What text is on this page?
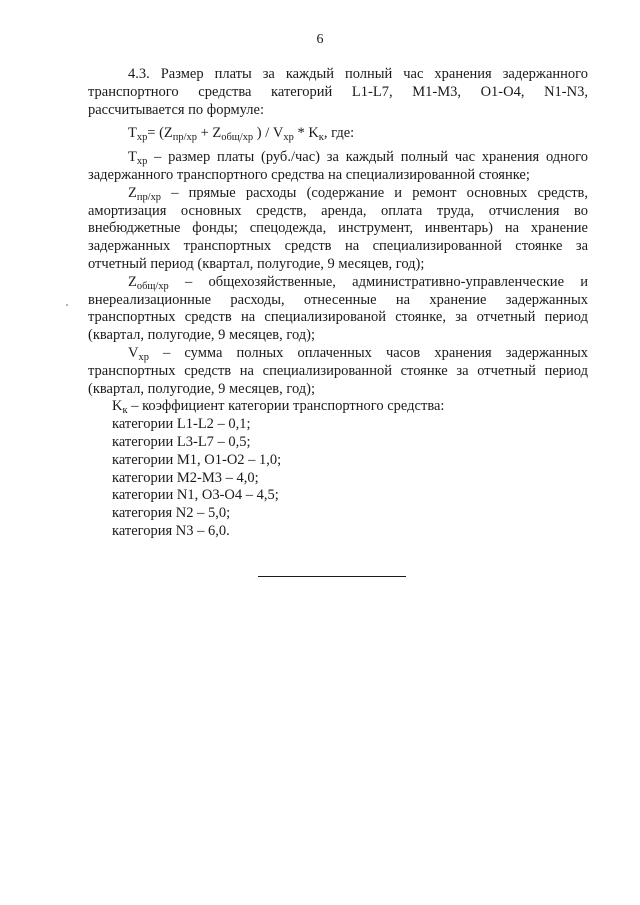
6

4.3. Размер платы за каждый полный час хранения задержанного транспортного средства категорий L1-L7, M1-M3, O1-O4, N1-N3, рассчитывается по формуле:

$Т_{хр}= (Z_{пр/хр} + Z_{общ/хр}$ ) / $V_{хр} * K_к$, где:

$Т_{хр}$ – размер платы (руб./час) за каждый полный час хранения одного задержанного транспортного средства на специализированной стоянке;

$Z_{пр/хр}$ – прямые расходы (содержание и ремонт основных средств, амортизация основных средств, аренда, оплата труда, отчисления во внебюджетные фонды; спецодежда, инструмент, инвентарь) на хранение задержанных транспортных средств на специализированной стоянке за отчетный период (квартал, полугодие, 9 месяцев, год);

$Z_{общ/хр}$ – общехозяйственные, административно-управленческие и внереализационные расходы, отнесенные на хранение задержанных транспортных средств на специализированой стоянке, за отчетный период (квартал, полугодие, 9 месяцев, год);

$V_{хр}$ – сумма полных оплаченных часов хранения задержанных транспортных средств на специализированной стоянке за отчетный период (квартал, полугодие, 9 месяцев, год);

$K_к$ – коэффициент категории транспортного средства:

категории L1-L2 – 0,1;

категории L3-L7 – 0,5;

категории M1, O1-O2 – 1,0;

категории M2-M3 – 4,0;

категории N1, O3-O4 – 4,5;

категория N2 – 5,0;

категория N3 – 6,0.
